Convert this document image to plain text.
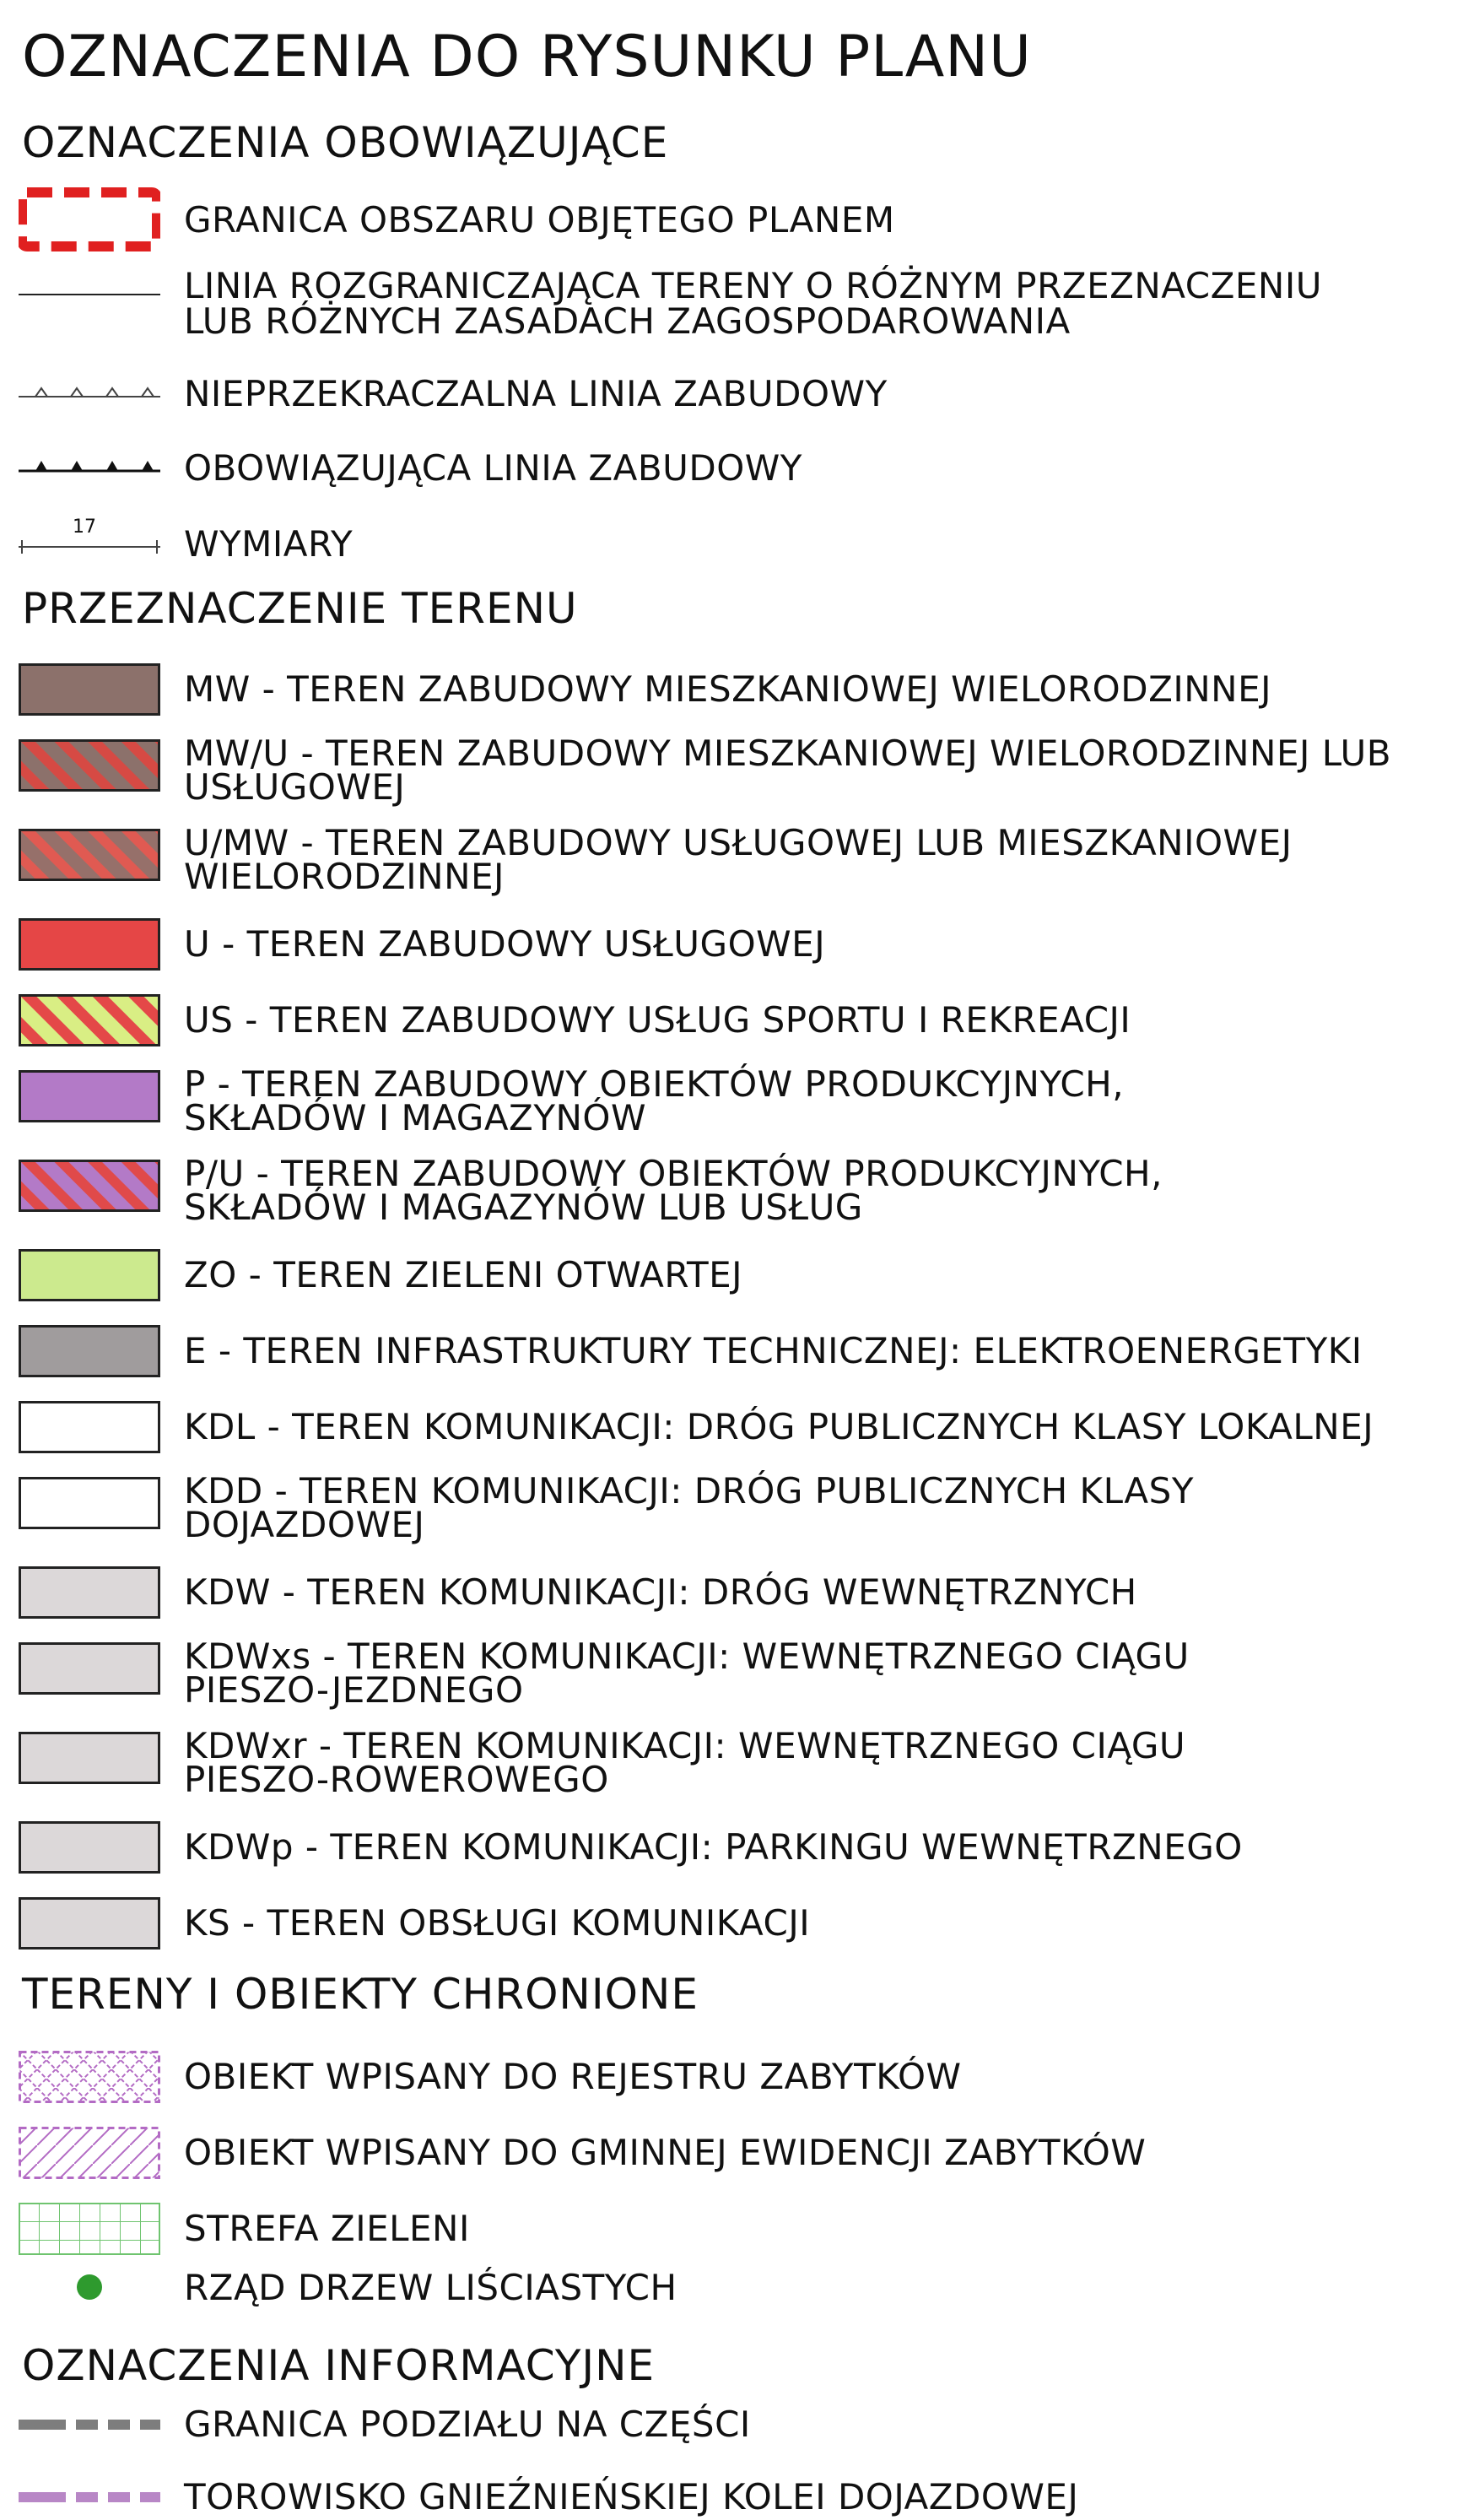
OZNACZENIA DO RYSUNKU PLANU
OZNACZENIA OBOWIĄZUJĄCE
GRANICA OBSZARU OBJĘTEGO PLANEM
LINIA ROZGRANICZAJĄCA TERENY O RÓŻNYM PRZEZNACZENIU
LUB RÓŻNYCH ZASADACH ZAGOSPODAROWANIA
NIEPRZEKRACZALNA LINIA ZABUDOWY
OBOWIĄZUJĄCA LINIA ZABUDOWY
17 WYMIARY
PRZEZNACZENIE TERENU
MW - TEREN ZABUDOWY MIESZKANIOWEJ WIELORODZINNEJ
MW/U - TEREN ZABUDOWY MIESZKANIOWEJ WIELORODZINNEJ LUB
USŁUGOWEJ
U/MW - TEREN ZABUDOWY USŁUGOWEJ LUB MIESZKANIOWEJ
WIELORODZINNEJ
U - TEREN ZABUDOWY USŁUGOWEJ
US - TEREN ZABUDOWY USŁUG SPORTU I REKREACJI
P - TEREN ZABUDOWY OBIEKTÓW PRODUKCYJNYCH,
SKŁADÓW I MAGAZYNÓW
P/U - TEREN ZABUDOWY OBIEKTÓW PRODUKCYJNYCH,
SKŁADÓW I MAGAZYNÓW LUB USŁUG
ZO - TEREN ZIELENI OTWARTEJ
E - TEREN INFRASTRUKTURY TECHNICZNEJ: ELEKTROENERGETYKI
KDL - TEREN KOMUNIKACJI: DRÓG PUBLICZNYCH KLASY LOKALNEJ
KDD - TEREN KOMUNIKACJI: DRÓG PUBLICZNYCH KLASY
DOJAZDOWEJ
KDW - TEREN KOMUNIKACJI: DRÓG WEWNĘTRZNYCH
KDWxs - TEREN KOMUNIKACJI: WEWNĘTRZNEGO CIĄGU
PIESZO-JEZDNEGO
KDWxr - TEREN KOMUNIKACJI: WEWNĘTRZNEGO CIĄGU
PIESZO-ROWEROWEGO
KDWp - TEREN KOMUNIKACJI: PARKINGU WEWNĘTRZNEGO
KS - TEREN OBSŁUGI KOMUNIKACJI
TERENY I OBIEKTY CHRONIONE
OBIEKT WPISANY DO REJESTRU ZABYTKÓW
OBIEKT WPISANY DO GMINNEJ EWIDENCJI ZABYTKÓW
STREFA ZIELENI
RZĄD DRZEW LIŚCIASTYCH
OZNACZENIA INFORMACYJNE
GRANICA PODZIAŁU NA CZĘŚCI
TOROWISKO GNIEŹNIEŃSKIEJ KOLEI DOJAZDOWEJ
